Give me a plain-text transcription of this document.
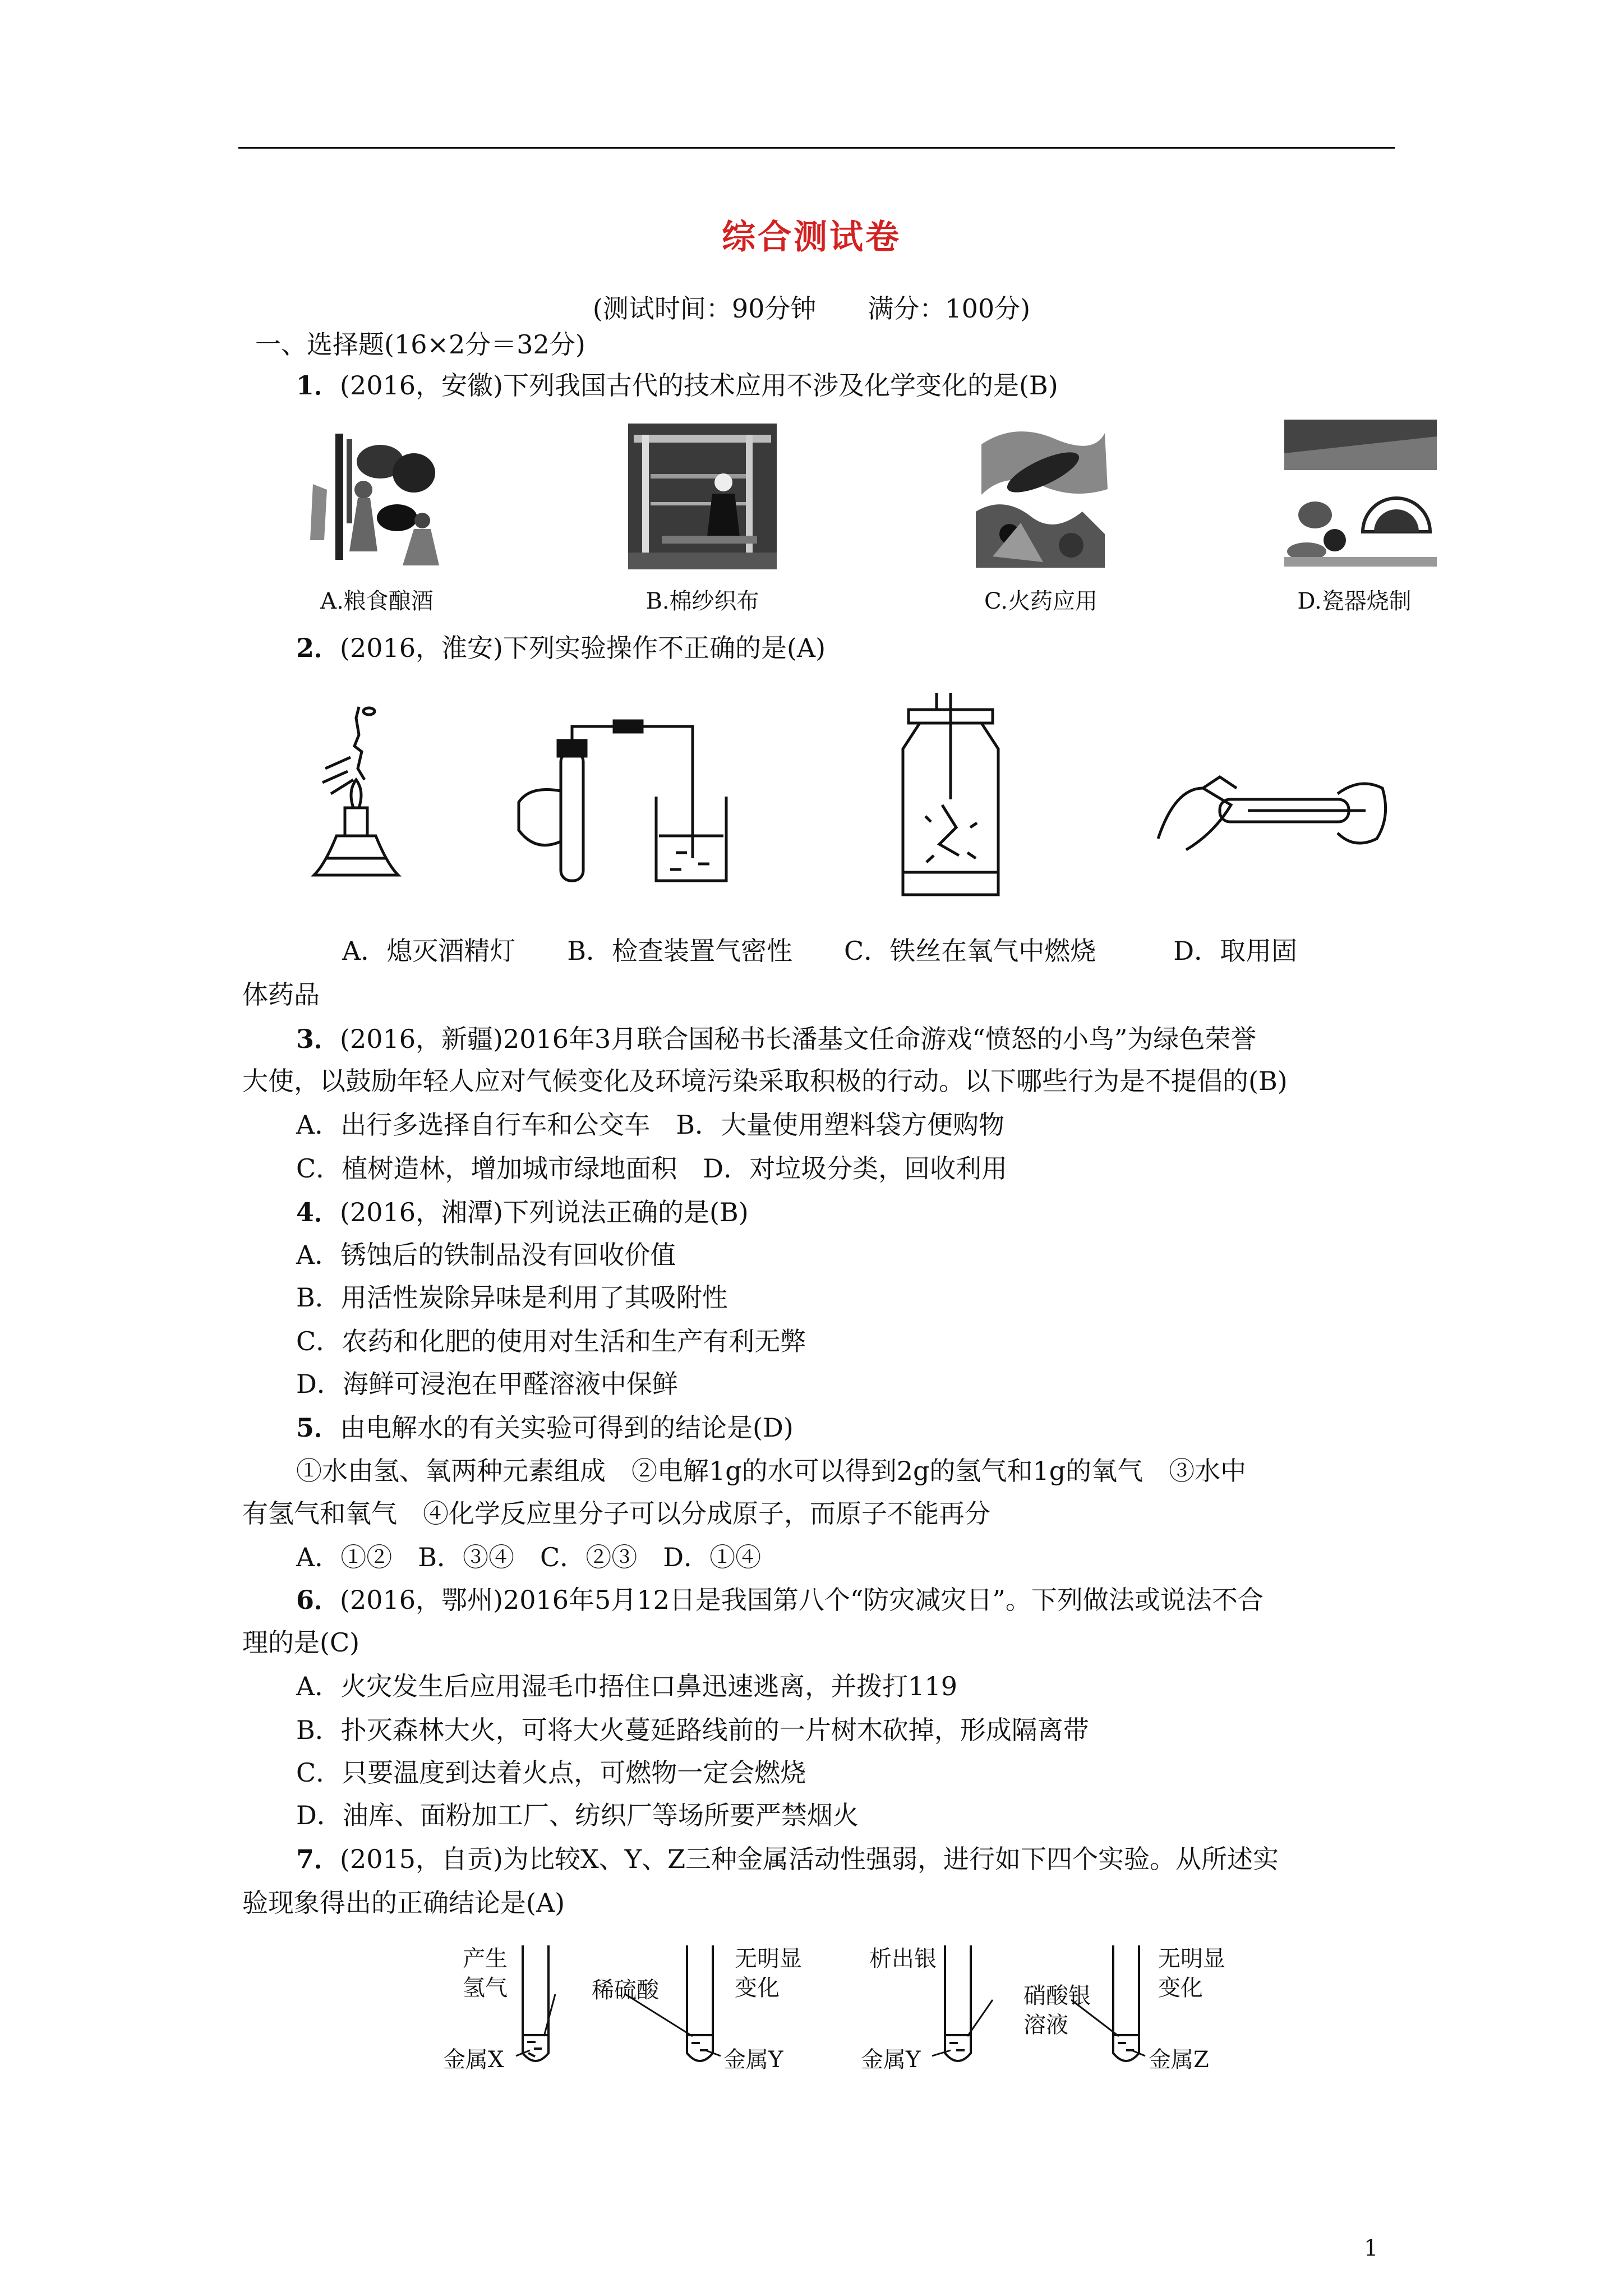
综合测试卷
(测试时间：90分钟　　满分：100分)
一、选择题(16×2分＝32分)
1．(2016，安徽)下列我国古代的技术应用不涉及化学变化的是(B)
A.粮食酿酒	B.棉纱织布	C.火药应用	D.瓷器烧制
2．(2016，淮安)下列实验操作不正确的是(A)
A．熄灭酒精灯　　B．检查装置气密性　　C．铁丝在氧气中燃烧　　　D．取用固
体药品
3．(2016，新疆)2016年3月联合国秘书长潘基文任命游戏“愤怒的小鸟”为绿色荣誉
大使，以鼓励年轻人应对气候变化及环境污染采取积极的行动。以下哪些行为是不提倡的(B)
A．出行多选择自行车和公交车　B．大量使用塑料袋方便购物
C．植树造林，增加城市绿地面积　D．对垃圾分类，回收利用
4．(2016，湘潭)下列说法正确的是(B)
A．锈蚀后的铁制品没有回收价值
B．用活性炭除异味是利用了其吸附性
C．农药和化肥的使用对生活和生产有利无弊
D．海鲜可浸泡在甲醛溶液中保鲜
5．由电解水的有关实验可得到的结论是(D)
①水由氢、氧两种元素组成　②电解1g的水可以得到2g的氢气和1g的氧气　③水中
有氢气和氧气　④化学反应里分子可以分成原子，而原子不能再分
A．①②　B．③④　C．②③　D．①④
6．(2016，鄂州)2016年5月12日是我国第八个“防灾减灾日”。下列做法或说法不合
理的是(C)
A．火灾发生后应用湿毛巾捂住口鼻迅速逃离，并拨打119
B．扑灭森林大火，可将大火蔓延路线前的一片树木砍掉，形成隔离带
C．只要温度到达着火点，可燃物一定会燃烧
D．油库、面粉加工厂、纺织厂等场所要严禁烟火
7．(2015，自贡)为比较X、Y、Z三种金属活动性强弱，进行如下四个实验。从所述实
验现象得出的正确结论是(A)
产生
氢气	稀硫酸
无明显
变化
金属X	金属Y
析出银
硝酸银
溶液
无明显
变化
金属Y	金属Z
1
